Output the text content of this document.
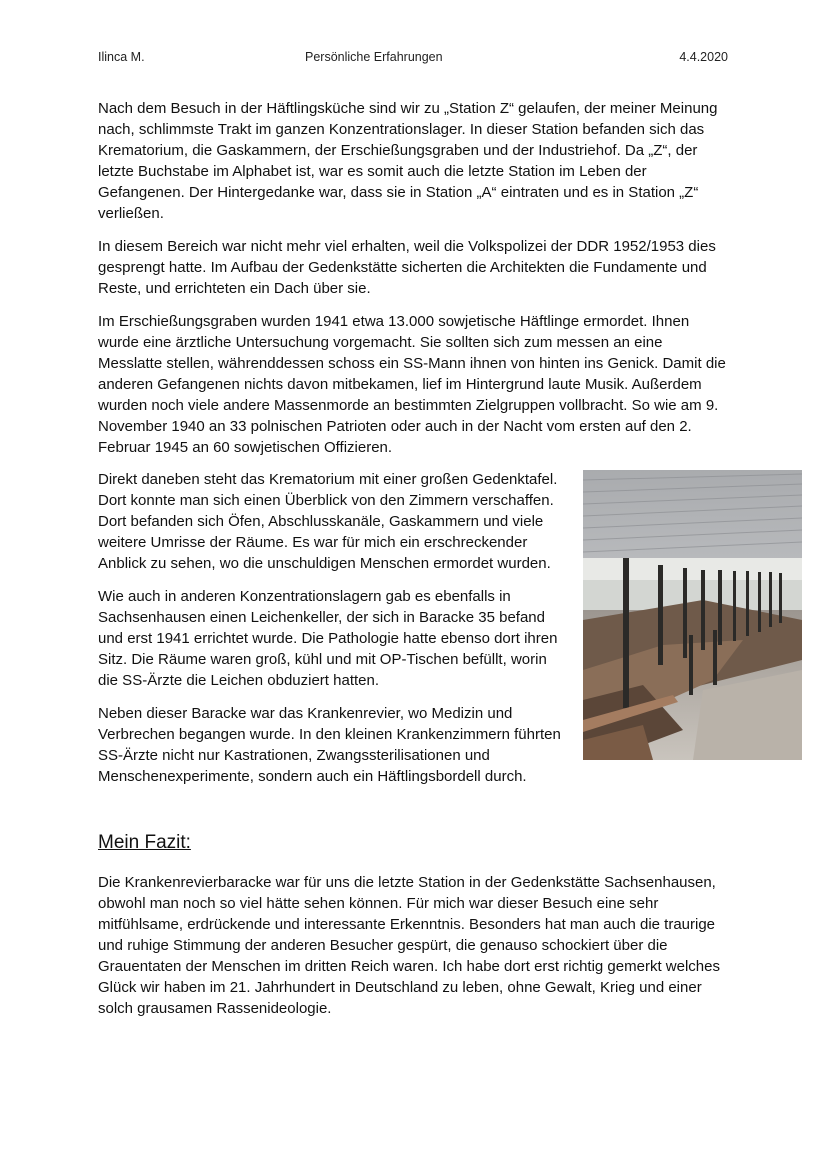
Ilinca M.	Persönliche Erfahrungen	4.4.2020

Nach dem Besuch in der Häftlingsküche sind wir zu „Station Z“ gelaufen, der meiner Meinung nach, schlimmste Trakt im ganzen Konzentrationslager. In dieser Station befanden sich das Krematorium, die Gaskammern, der Erschießungsgraben und der Industriehof. Da „Z“, der letzte Buchstabe im Alphabet ist, war es somit auch die letzte Station im Leben der Gefangenen. Der Hintergedanke war, dass sie in Station „A“ eintraten und es in Station „Z“ verließen.

In diesem Bereich war nicht mehr viel erhalten, weil die Volkspolizei der DDR 1952/1953 dies gesprengt hatte. Im Aufbau der Gedenkstätte sicherten die Architekten die Fundamente und Reste, und errichteten ein Dach über sie.

Im Erschießungsgraben wurden 1941 etwa 13.000 sowjetische Häftlinge ermordet. Ihnen wurde eine ärztliche Untersuchung vorgemacht. Sie sollten sich zum messen an eine Messlatte stellen, währenddessen schoss ein SS-Mann ihnen von hinten ins Genick. Damit die anderen Gefangenen nichts davon mitbekamen, lief im Hintergrund laute Musik. Außerdem wurden noch viele andere Massenmorde an bestimmten Zielgruppen vollbracht. So wie am 9. November 1940 an 33 polnischen Patrioten oder auch in der Nacht vom ersten auf den 2. Februar 1945 an 60 sowjetischen Offizieren.

Direkt daneben steht das Krematorium mit einer großen Gedenktafel. Dort konnte man sich einen Überblick von den Zimmern verschaffen. Dort befanden sich Öfen, Abschlusskanäle, Gaskammern und viele weitere Umrisse der Räume. Es war für mich ein erschreckender Anblick zu sehen, wo die unschuldigen Menschen ermordet wurden.

Wie auch in anderen Konzentrationslagern gab es ebenfalls in Sachsenhausen einen Leichenkeller, der sich in Baracke 35 befand und erst 1941 errichtet wurde. Die Pathologie hatte ebenso dort ihren Sitz. Die Räume waren groß, kühl und mit OP-Tischen befüllt, worin die SS-Ärzte die Leichen obduziert hatten.

Neben dieser Baracke war das Krankenrevier, wo Medizin und Verbrechen begangen wurde. In den kleinen Krankenzimmern führten SS-Ärzte nicht nur Kastrationen, Zwangssterilisationen und Menschenexperimente, sondern auch ein Häftlingsbordell durch.

Mein Fazit:

Die Krankenrevierbaracke war für uns die letzte Station in der Gedenkstätte Sachsenhausen, obwohl man noch so viel hätte sehen können. Für mich war dieser Besuch eine sehr mitfühlsame, erdrückende und interessante Erkenntnis. Besonders hat man auch die traurige und ruhige Stimmung der anderen Besucher gespürt, die genauso schockiert über die Grauentaten der Menschen im dritten Reich waren. Ich habe dort erst richtig gemerkt welches Glück wir haben im 21. Jahrhundert in Deutschland zu leben, ohne Gewalt, Krieg und einer solch grausamen Rassenideologie.
